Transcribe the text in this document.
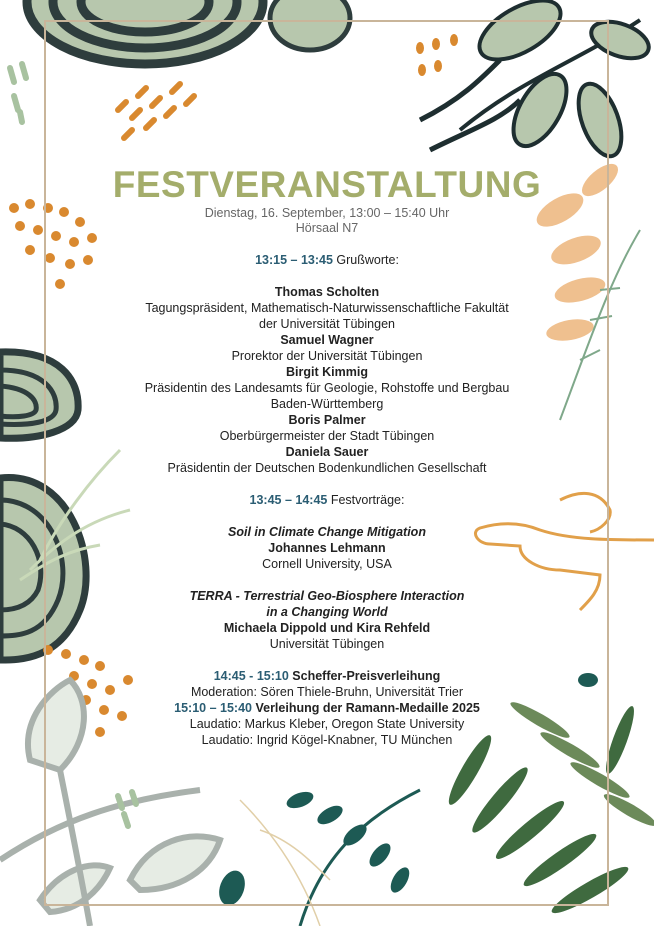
FESTVERANSTALTUNG
Dienstag, 16. September, 13:00 – 15:40 Uhr
Hörsaal N7
13:15 – 13:45 Grußworte:
Thomas Scholten
Tagungspräsident, Mathematisch-Naturwissenschaftliche Fakultät
der Universität Tübingen
Samuel Wagner
Prorektor der Universität Tübingen
Birgit Kimmig
Präsidentin des Landesamts für Geologie, Rohstoffe und Bergbau
Baden-Württemberg
Boris Palmer
Oberbürgermeister der Stadt Tübingen
Daniela Sauer
Präsidentin der Deutschen Bodenkundlichen Gesellschaft
13:45 – 14:45 Festvorträge:
Soil in Climate Change Mitigation
Johannes Lehmann
Cornell University, USA
TERRA - Terrestrial Geo-Biosphere Interaction
in a Changing World
Michaela Dippold und Kira Rehfeld
Universität Tübingen
14:45 - 15:10 Scheffer-Preisverleihung
Moderation: Sören Thiele-Bruhn, Universität Trier
15:10 – 15:40 Verleihung der Ramann-Medaille 2025
Laudatio: Markus Kleber, Oregon State University
Laudatio: Ingrid Kögel-Knabner, TU München
